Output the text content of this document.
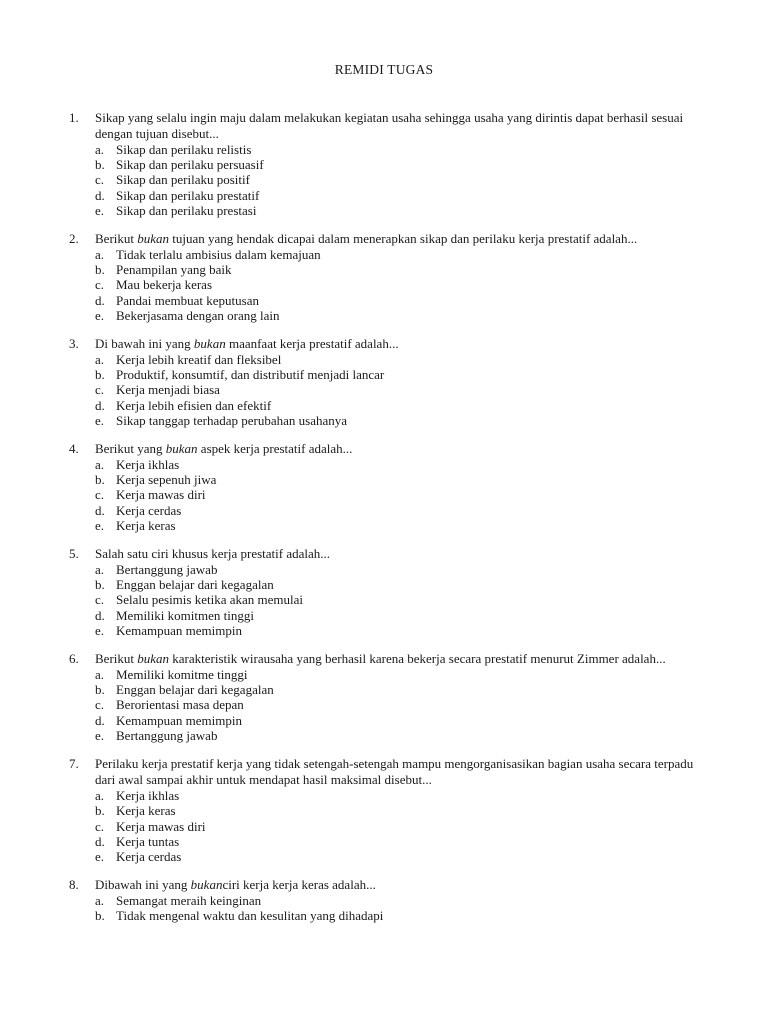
REMIDI TUGAS
1.	Sikap yang selalu ingin maju dalam melakukan kegiatan usaha sehingga usaha yang dirintis dapat berhasil sesuai dengan tujuan disebut...
a. Sikap dan perilaku relistis
b. Sikap dan perilaku persuasif
c. Sikap dan perilaku positif
d. Sikap dan perilaku prestatif
e. Sikap dan perilaku prestasi
2.	Berikut bukan tujuan yang hendak dicapai dalam menerapkan sikap dan perilaku kerja prestatif adalah...
a. Tidak terlalu ambisius dalam kemajuan
b. Penampilan yang baik
c. Mau bekerja keras
d. Pandai membuat keputusan
e. Bekerjasama dengan orang lain
3.	Di bawah ini yang bukan maanfaat kerja prestatif adalah...
a. Kerja lebih kreatif dan fleksibel
b. Produktif, konsumtif, dan distributif menjadi lancar
c. Kerja menjadi biasa
d. Kerja lebih efisien dan efektif
e. Sikap tanggap terhadap perubahan usahanya
4.	Berikut yang bukan aspek kerja prestatif adalah...
a. Kerja ikhlas
b. Kerja sepenuh jiwa
c. Kerja mawas diri
d. Kerja cerdas
e. Kerja keras
5.	Salah satu ciri khusus kerja prestatif adalah...
a. Bertanggung jawab
b. Enggan belajar dari kegagalan
c. Selalu pesimis ketika akan memulai
d. Memiliki komitmen tinggi
e. Kemampuan memimpin
6.	Berikut bukan karakteristik wirausaha yang berhasil karena bekerja secara prestatif menurut Zimmer adalah...
a. Memiliki komitme tinggi
b. Enggan belajar dari kegagalan
c. Berorientasi masa depan
d. Kemampuan memimpin
e. Bertanggung jawab
7.	Perilaku kerja prestatif kerja yang tidak setengah-setengah mampu mengorganisasikan bagian usaha secara terpadu dari awal sampai akhir untuk mendapat hasil maksimal disebut...
a. Kerja ikhlas
b. Kerja keras
c. Kerja mawas diri
d. Kerja tuntas
e. Kerja cerdas
8.	Dibawah ini yang bukanciri kerja kerja keras adalah...
a. Semangat meraih keinginan
b. Tidak mengenal waktu dan kesulitan yang dihadapi
